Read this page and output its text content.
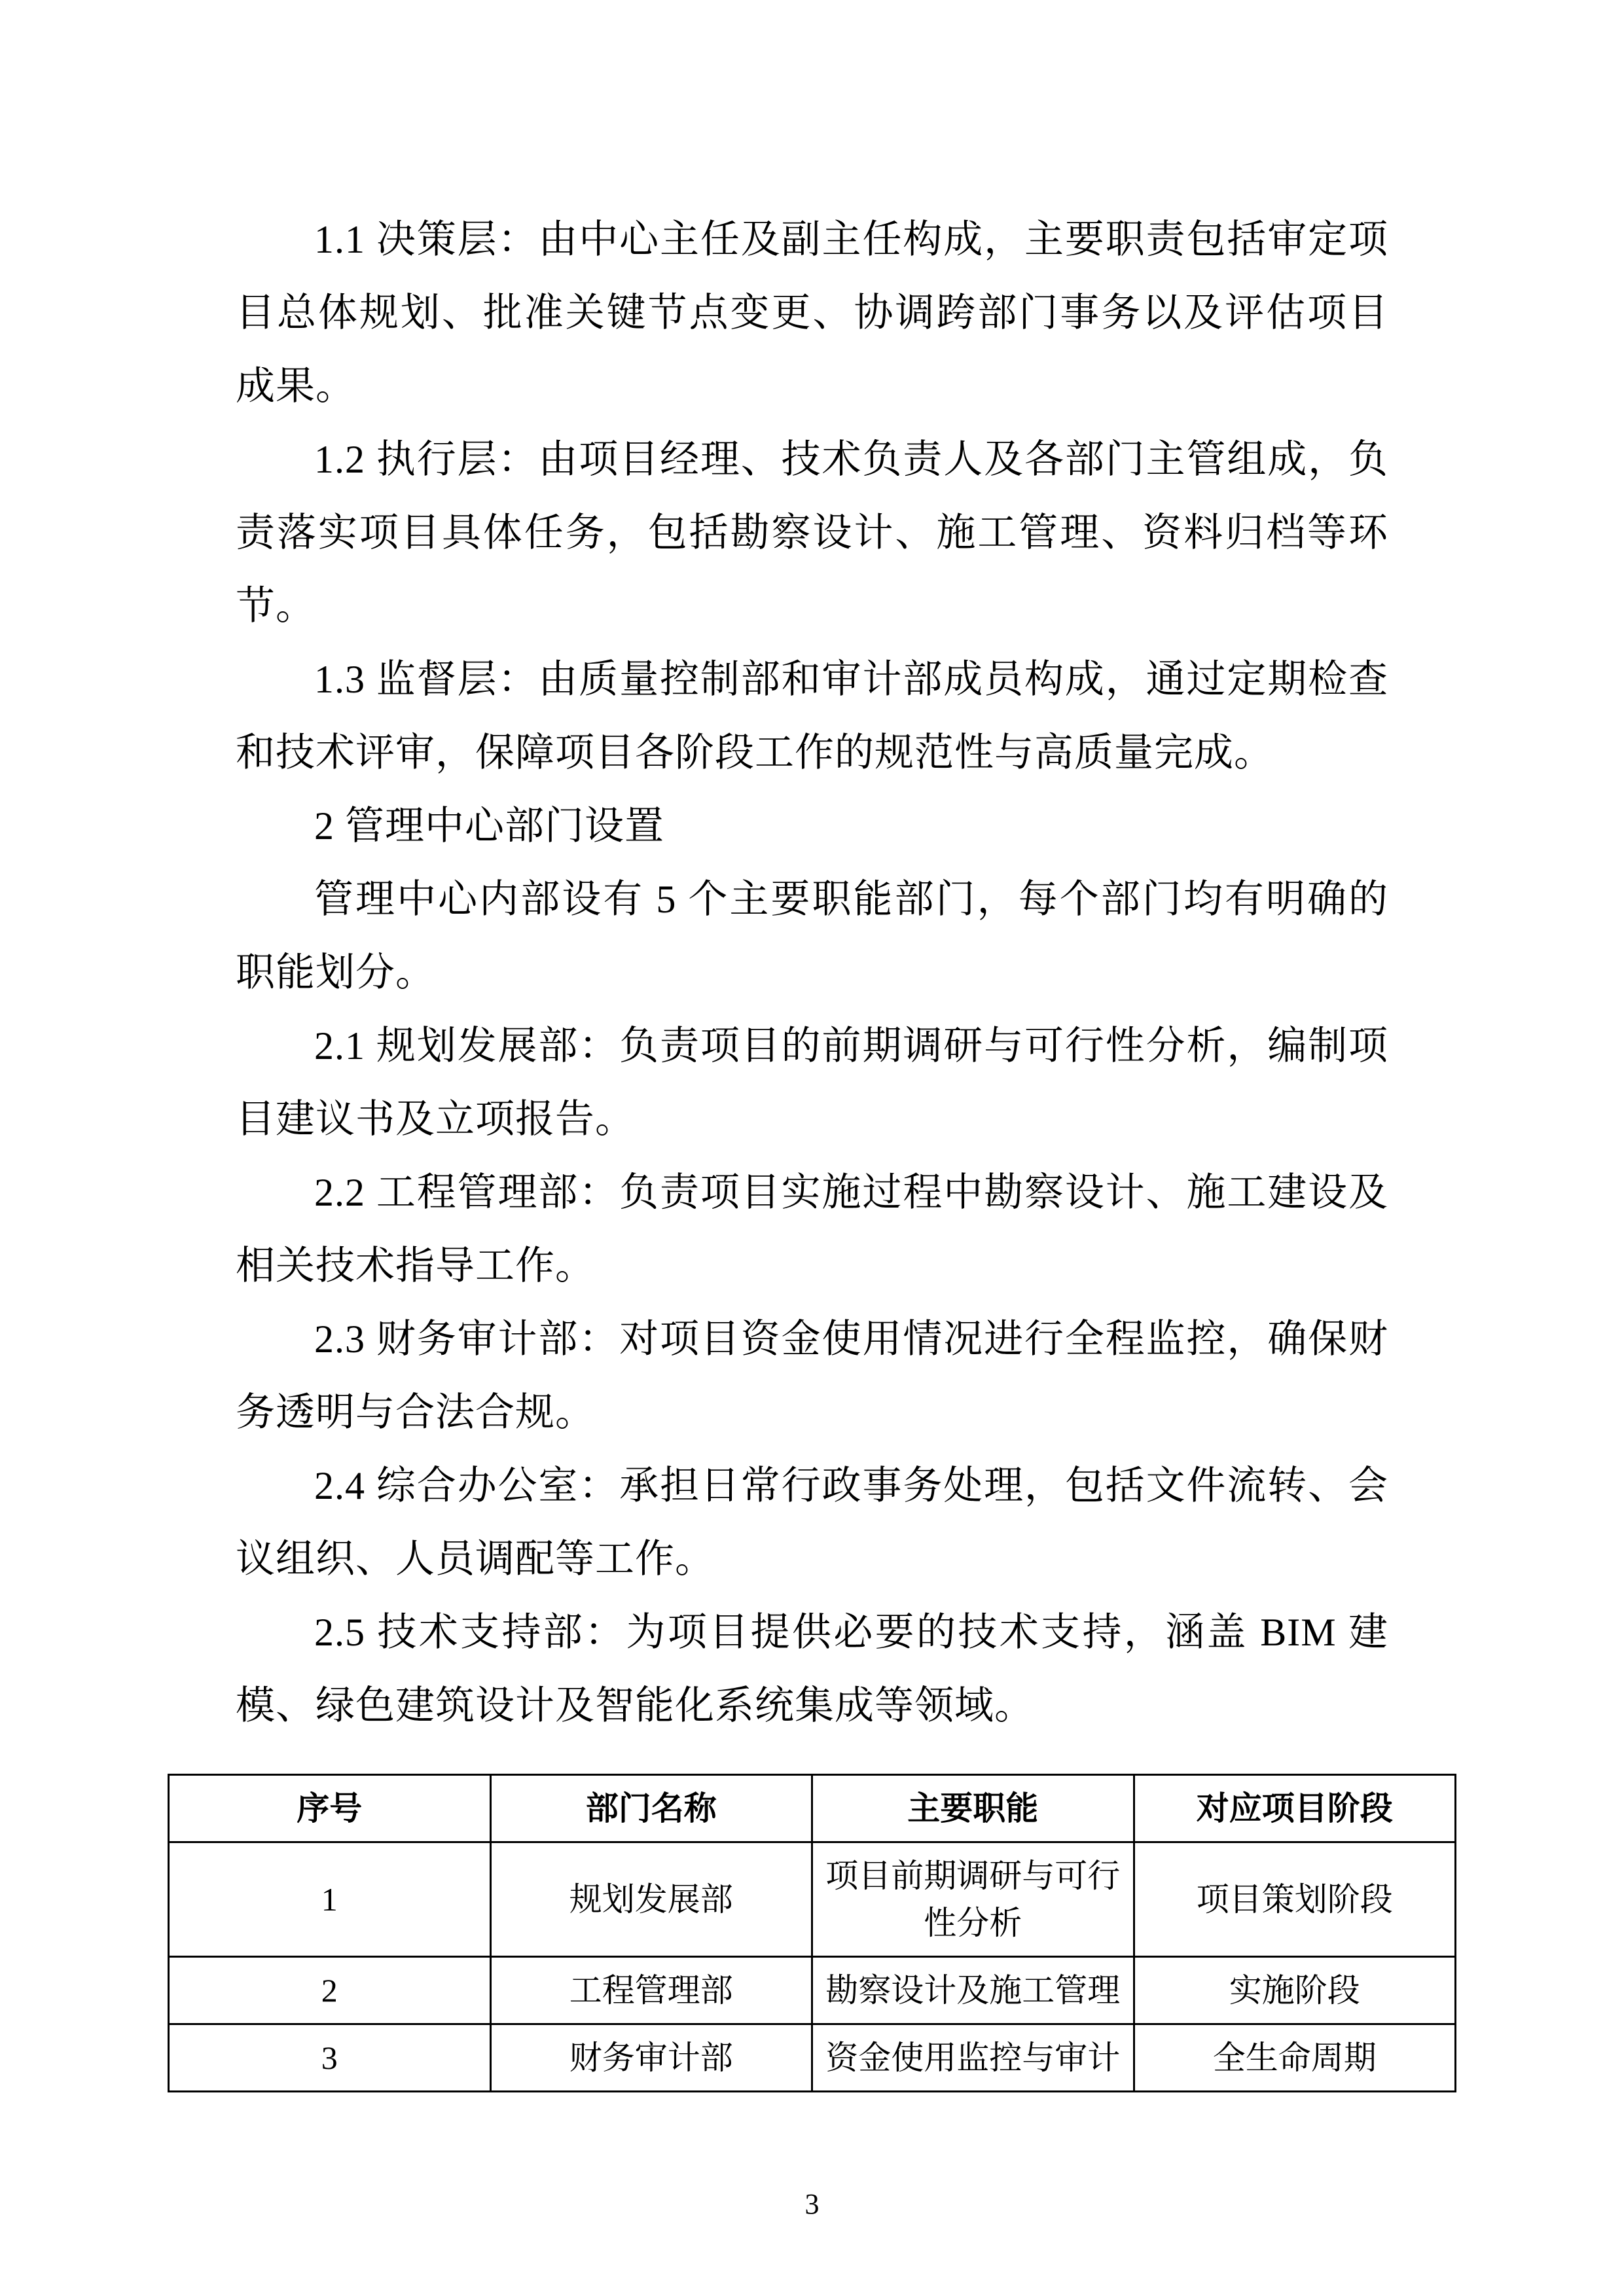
1.1 决策层：由中心主任及副主任构成，主要职责包括审定项目总体规划、批准关键节点变更、协调跨部门事务以及评估项目成果。

1.2 执行层：由项目经理、技术负责人及各部门主管组成，负责落实项目具体任务，包括勘察设计、施工管理、资料归档等环节。

1.3 监督层：由质量控制部和审计部成员构成，通过定期检查和技术评审，保障项目各阶段工作的规范性与高质量完成。

2 管理中心部门设置

管理中心内部设有 5 个主要职能部门，每个部门均有明确的职能划分。

2.1 规划发展部：负责项目的前期调研与可行性分析，编制项目建议书及立项报告。

2.2 工程管理部：负责项目实施过程中勘察设计、施工建设及相关技术指导工作。

2.3 财务审计部：对项目资金使用情况进行全程监控，确保财务透明与合法合规。

2.4 综合办公室：承担日常行政事务处理，包括文件流转、会议组织、人员调配等工作。

2.5 技术支持部：为项目提供必要的技术支持，涵盖 BIM 建模、绿色建筑设计及智能化系统集成等领域。

序号	部门名称	主要职能	对应项目阶段
1	规划发展部	项目前期调研与可行性分析	项目策划阶段
2	工程管理部	勘察设计及施工管理	实施阶段
3	财务审计部	资金使用监控与审计	全生命周期
3
